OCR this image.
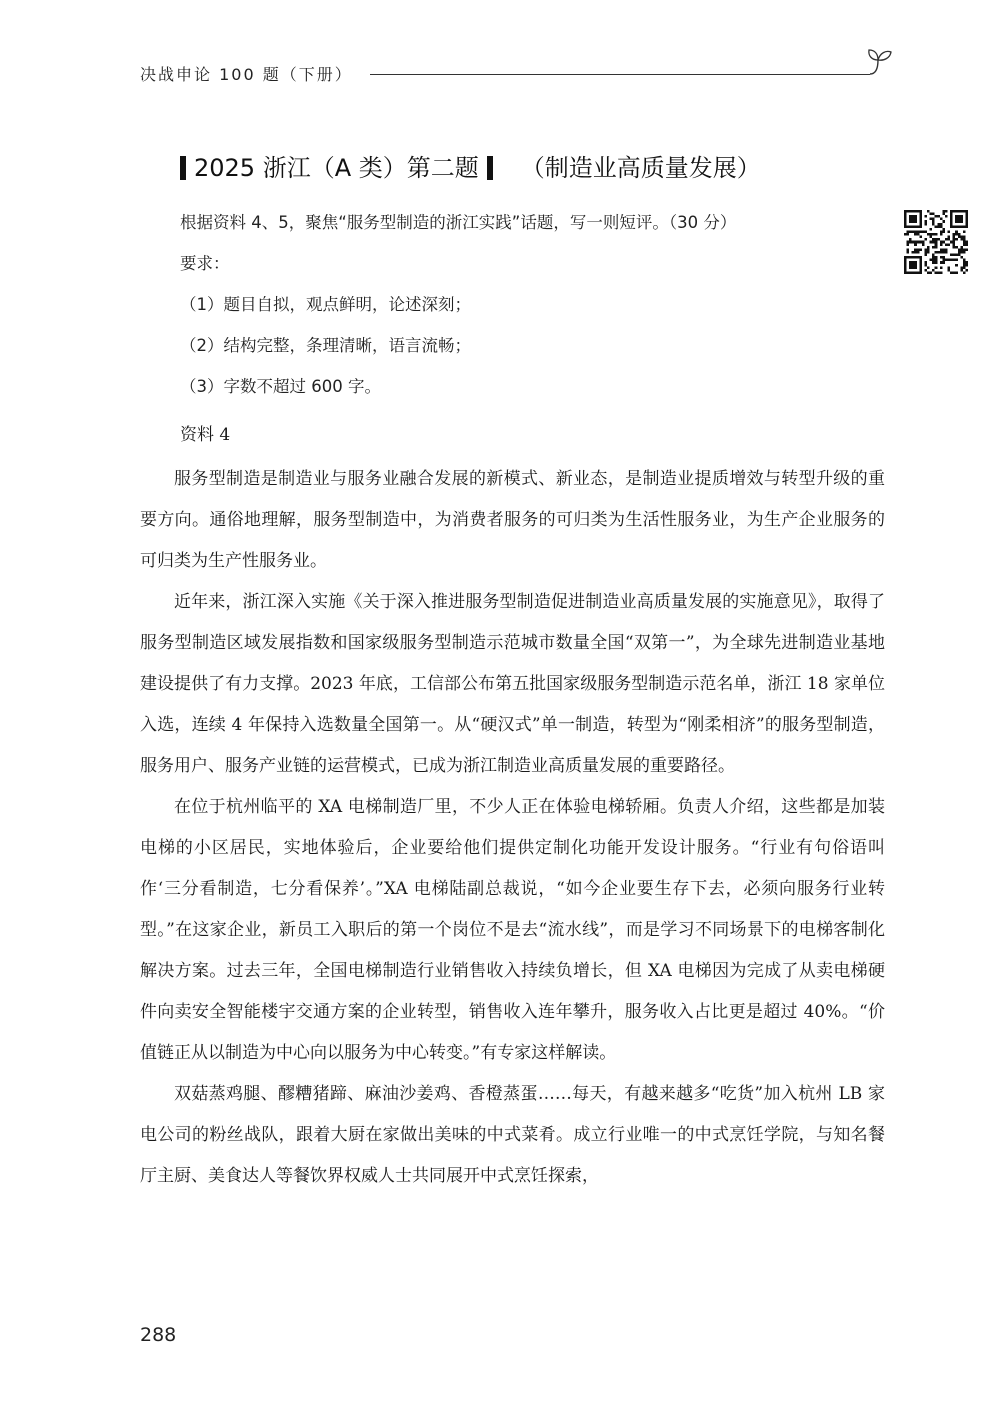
决战申论 100 题（下册）
2025 浙江（A 类）第二题 （制造业高质量发展）

根据资料 4、5，聚焦“服务型制造的浙江实践”话题，写一则短评。（30 分）

要求：

（1）题目自拟，观点鲜明，论述深刻；

（2）结构完整，条理清晰，语言流畅；

（3）字数不超过 600 字。

资料 4

服务型制造是制造业与服务业融合发展的新模式、新业态，是制造业提质增效与转型升级的重要方向。通俗地理解，服务型制造中，为消费者服务的可归类为生活性服务业，为生产企业服务的可归类为生产性服务业。

近年来，浙江深入实施《关于深入推进服务型制造促进制造业高质量发展的实施意见》，取得了服务型制造区域发展指数和国家级服务型制造示范城市数量全国“双第一”，为全球先进制造业基地建设提供了有力支撑。2023 年底，工信部公布第五批国家级服务型制造示范名单，浙江 18 家单位入选，连续 4 年保持入选数量全国第一。从“硬汉式”单一制造，转型为“刚柔相济”的服务型制造，服务用户、服务产业链的运营模式，已成为浙江制造业高质量发展的重要路径。

在位于杭州临平的 XA 电梯制造厂里，不少人正在体验电梯轿厢。负责人介绍，这些都是加装电梯的小区居民，实地体验后，企业要给他们提供定制化功能开发设计服务。“行业有句俗语叫作‘三分看制造，七分看保养’。”XA 电梯陆副总裁说，“如今企业要生存下去，必须向服务行业转型。”在这家企业，新员工入职后的第一个岗位不是去“流水线”，而是学习不同场景下的电梯客制化解决方案。过去三年，全国电梯制造行业销售收入持续负增长，但 XA 电梯因为完成了从卖电梯硬件向卖安全智能楼宇交通方案的企业转型，销售收入连年攀升，服务收入占比更是超过 40%。“价值链正从以制造为中心向以服务为中心转变。”有专家这样解读。

双菇蒸鸡腿、醪糟猪蹄、麻油沙姜鸡、香橙蒸蛋……每天，有越来越多“吃货”加入杭州 LB 家电公司的粉丝战队，跟着大厨在家做出美味的中式菜肴。成立行业唯一的中式烹饪学院，与知名餐厅主厨、美食达人等餐饮界权威人士共同展开中式烹饪探索，

288
